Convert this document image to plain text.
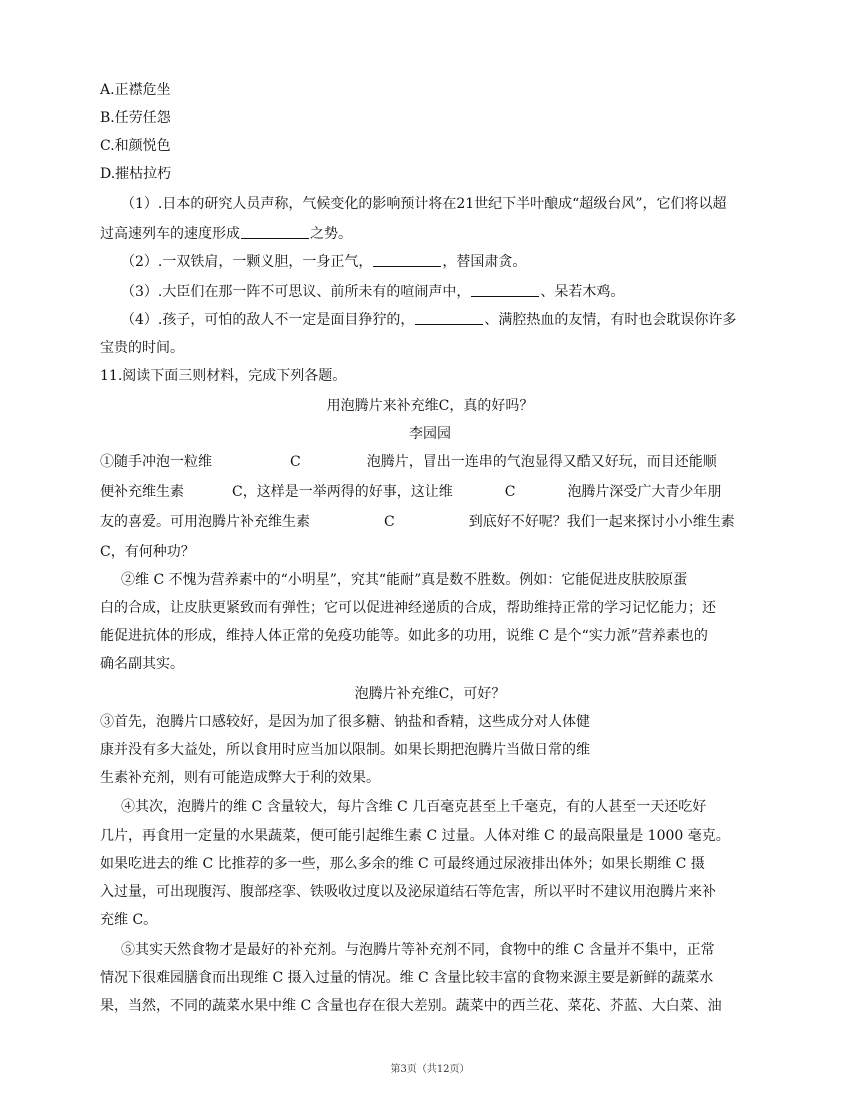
A.正襟危坐
B.任劳任怨
C.和颜悦色
D.摧枯拉朽
（1）.日本的研究人员声称，气候变化的影响预计将在21世纪下半叶酿成“超级台风”，它们将以超
过高速列车的速度形成	之势。
（2）.一双铁肩，一颗义胆，一身正气，	，替国肃贪。
（3）.大臣们在那一阵不可思议、前所未有的喧闹声中，	、呆若木鸡。
（4）.孩子，可怕的敌人不一定是面目狰狞的，	、满腔热血的友情，有时也会耽误你许多
宝贵的时间。
11.阅读下面三则材料，完成下列各题。
用泡腾片来补充维C，真的好吗？
李园园
①随手冲泡一粒维	C	泡腾片，冒出一连串的气泡显得又酷又好玩，而目还能顺
便补充维生素	C，这样是一举两得的好事，这让维	C	泡腾片深受广大青少年朋
友的喜爱。可用泡腾片补充维生素	C	到底好不好呢？我们一起来探讨小小维生素
C，有何种功？
②维 C 不愧为营养素中的“小明星”，究其“能耐”真是数不胜数。例如：它能促进皮肤胶原蛋
白的合成，让皮肤更紧致而有弹性；它可以促进神经递质的合成，帮助维持正常的学习记忆能力；还
能促进抗体的形成，维持人体正常的免疫功能等。如此多的功用，说维 C 是个“实力派”营养素也的
确名副其实。
泡腾片补充维C，可好？
③首先，泡腾片口感较好，是因为加了很多糖、钠盐和香精，这些成分对人体健
康并没有多大益处，所以食用时应当加以限制。如果长期把泡腾片当做日常的维
生素补充剂，则有可能造成弊大于利的效果。
④其次，泡腾片的维 C 含量较大，每片含维 C 几百毫克甚至上千毫克，有的人甚至一天还吃好
几片，再食用一定量的水果蔬菜，便可能引起维生素 C 过量。人体对维 C 的最高限量是 1000 毫克。
如果吃进去的维 C 比推荐的多一些，那么多余的维 C 可最终通过尿液排出体外；如果长期维 C 摄
入过量，可出现腹泻、腹部痉挛、铁吸收过度以及泌尿道结石等危害，所以平时不建议用泡腾片来补
充维 C。
⑤其实天然食物才是最好的补充剂。与泡腾片等补充剂不同，食物中的维 C 含量并不集中，正常
情况下很难园膳食而出现维 C 摄入过量的情况。维 C 含量比较丰富的食物来源主要是新鲜的蔬菜水
果，当然，不同的蔬菜水果中维 C 含量也存在很大差别。蔬菜中的西兰花、菜花、芥蓝、大白菜、油
第3页（共12页）
